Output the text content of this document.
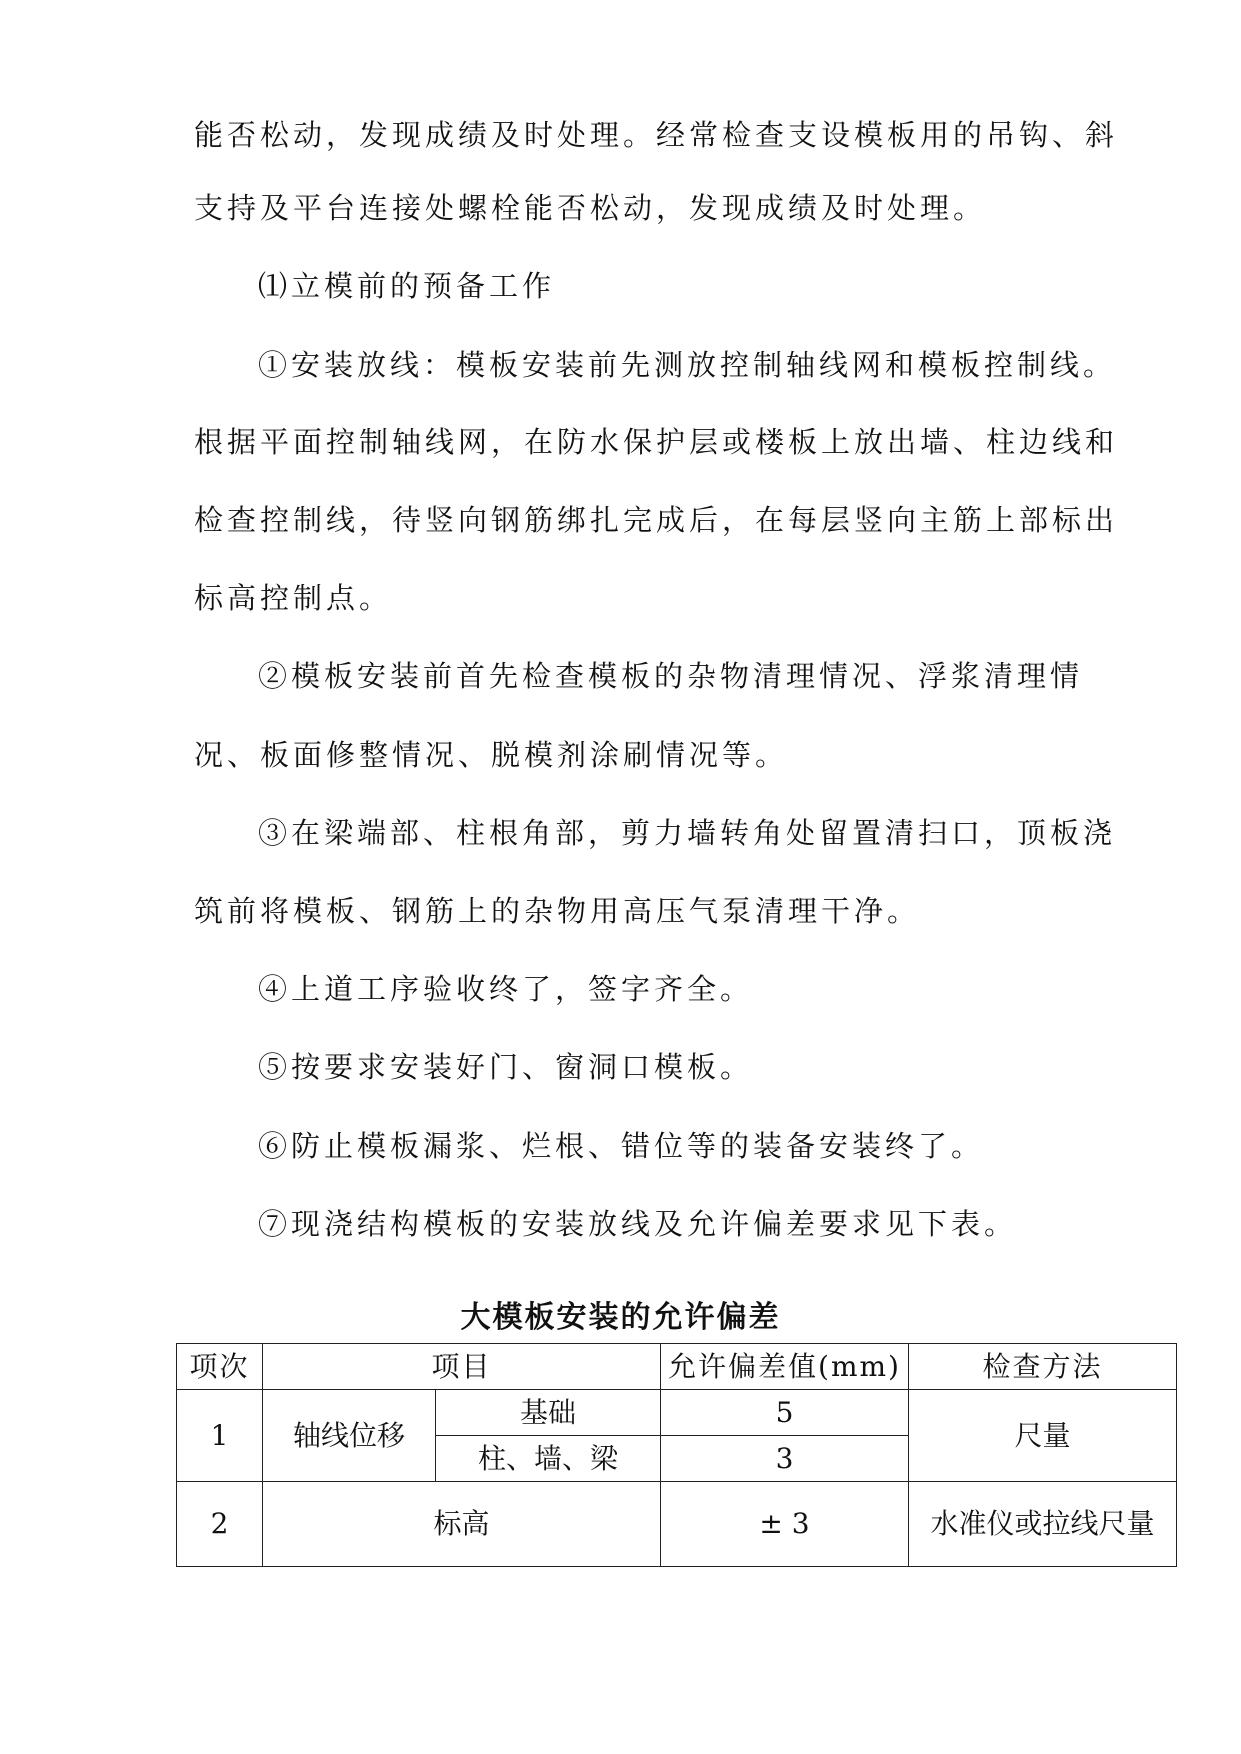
能否松动，发现成绩及时处理。经常检查支设模板用的吊钩、斜
支持及平台连接处螺栓能否松动，发现成绩及时处理。
⑴立模前的预备工作
①安装放线：模板安装前先测放控制轴线网和模板控制线。
根据平面控制轴线网，在防水保护层或楼板上放出墙、柱边线和
检查控制线，待竖向钢筋绑扎完成后，在每层竖向主筋上部标出
标高控制点。
②模板安装前首先检查模板的杂物清理情况、浮浆清理情
况、板面修整情况、脱模剂涂刷情况等。
③在梁端部、柱根角部，剪力墙转角处留置清扫口，顶板浇
筑前将模板、钢筋上的杂物用高压气泵清理干净。
④上道工序验收终了，签字齐全。
⑤按要求安装好门、窗洞口模板。
⑥防止模板漏浆、烂根、错位等的装备安装终了。
⑦现浇结构模板的安装放线及允许偏差要求见下表。
大模板安装的允许偏差
项次	项目		允许偏差值(mm)	检查方法
1	轴线位移	基础	5	尺量
		柱、墙、梁	3	
2	标高		± 3	水准仪或拉线尺量
